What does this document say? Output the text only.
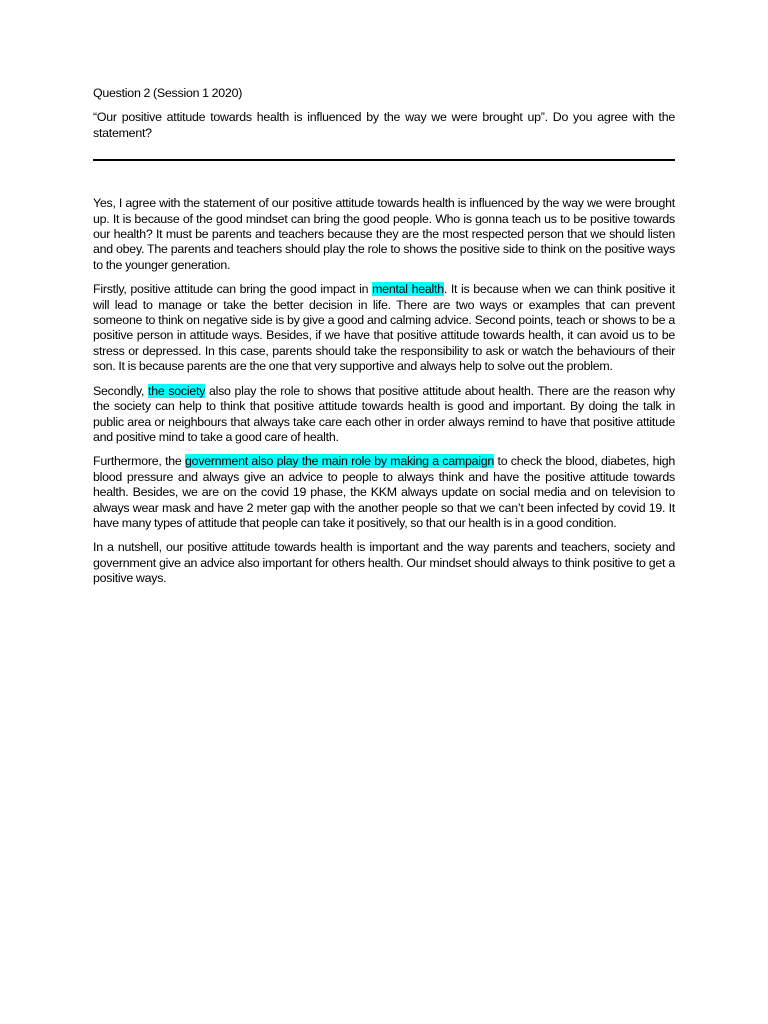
Question 2 (Session 1 2020)

“Our positive attitude towards health is influenced by the way we were brought up”. Do you agree with the statement?

Yes, I agree with the statement of our positive attitude towards health is influenced by the way we were brought up. It is because of the good mindset can bring the good people. Who is gonna teach us to be positive towards our health? It must be parents and teachers because they are the most respected person that we should listen and obey. The parents and teachers should play the role to shows the positive side to think on the positive ways to the younger generation.

Firstly, positive attitude can bring the good impact in mental health. It is because when we can think positive it will lead to manage or take the better decision in life. There are two ways or examples that can prevent someone to think on negative side is by give a good and calming advice. Second points, teach or shows to be a positive person in attitude ways. Besides, if we have that positive attitude towards health, it can avoid us to be stress or depressed. In this case, parents should take the responsibility to ask or watch the behaviours of their son. It is because parents are the one that very supportive and always help to solve out the problem.

Secondly, the society also play the role to shows that positive attitude about health. There are the reason why the society can help to think that positive attitude towards health is good and important. By doing the talk in public area or neighbours that always take care each other in order always remind to have that positive attitude and positive mind to take a good care of health.

Furthermore, the government also play the main role by making a campaign to check the blood, diabetes, high blood pressure and always give an advice to people to always think and have the positive attitude towards health. Besides, we are on the covid 19 phase, the KKM always update on social media and on television to always wear mask and have 2 meter gap with the another people so that we can’t been infected by covid 19. It have many types of attitude that people can take it positively, so that our health is in a good condition.

In a nutshell, our positive attitude towards health is important and the way parents and teachers, society and government give an advice also important for others health. Our mindset should always to think positive to get a positive ways.
